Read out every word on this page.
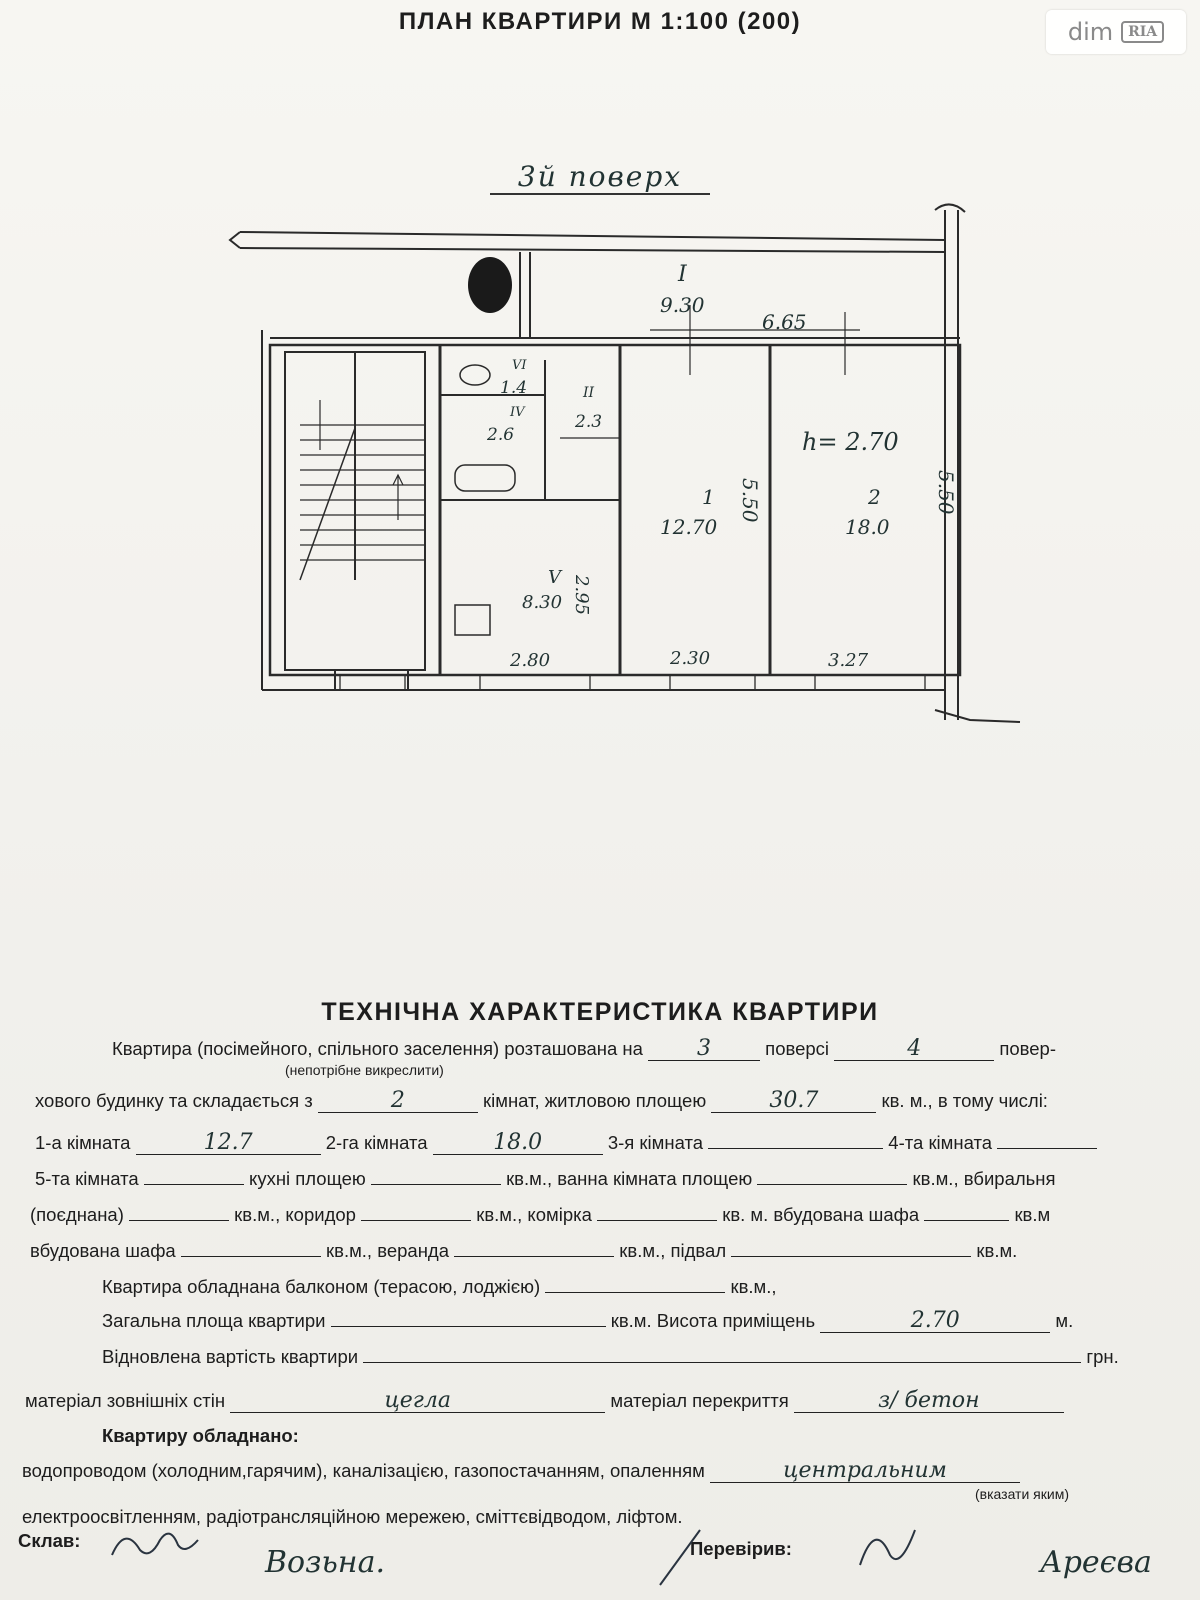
ПЛАН КВАРТИРИ М 1:100 (200)	dim	RIA
3й поверх
I
9.30
6.65
VI
1.4
IV
2.6
II
2.3
V
8.30 2.95
2.80
1
12.70
5.50
2.30
h= 2.70
2
18.0
5.50
3.27
ТЕХНІЧНА ХАРАКТЕРИСТИКА КВАРТИРИ
Квартира (посімейного, спільного заселення) розташована на 3	поверсі	4	повер-
(непотрібне викреслити)
хового будинку та складається з	2	кімнат, житловою площею	30.7	кв. м., в тому числі:
1-а кімната	12.7	2-га кімната	18.0	3-я кімната	4-та кімната
5-та кімната	кухні площею	кв.м., ванна кімната площею	кв.м., вбиральня
(поєднана)	кв.м., коридор	кв.м., комірка	кв. м. вбудована шафа	кв.м
вбудована шафа	кв.м., веранда	кв.м., підвал	кв.м.
Квартира обладнана балконом (терасою, лоджією)	кв.м.,
Загальна площа квартири	кв.м. Висота приміщень	2.70	м.
Відновлена вартість квартири	грн.
матеріал зовнішніх стін	цегла	матеріал перекриття	з/ бетон
Квартиру обладнано:
водопроводом (холодним,гарячим), каналізацією, газопостачанням, опаленням	центральним
(вказати яким)
електроосвітленням, радіотрансляційною мережею, сміттєвідводом, ліфтом.
Склав:	Перевірив:
Возьна.	Ареєва
